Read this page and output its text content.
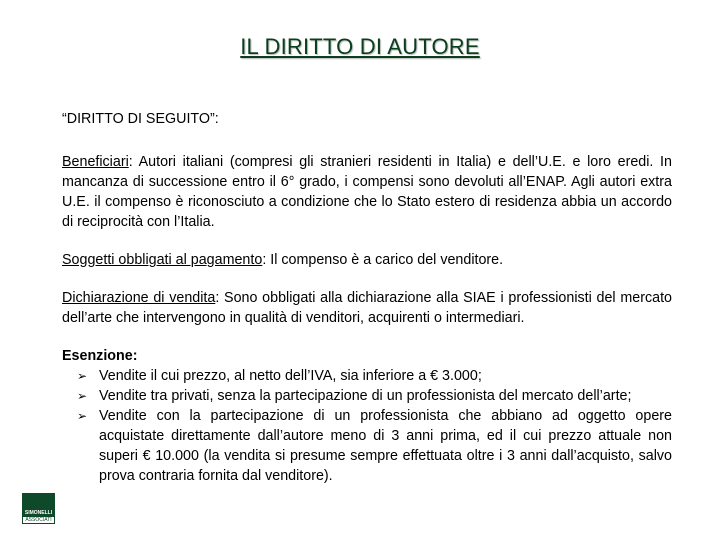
IL DIRITTO DI AUTORE
“DIRITTO DI SEGUITO”:

Beneficiari: Autori italiani (compresi gli stranieri residenti in Italia) e dell’U.E. e loro eredi. In mancanza di successione entro il 6° grado, i compensi sono devoluti all’ENAP. Agli autori extra U.E. il compenso è riconosciuto a condizione che lo Stato estero di residenza abbia un accordo di reciprocità con l’Italia.

Soggetti obbligati al pagamento: Il compenso è a carico del venditore.

Dichiarazione di vendita: Sono obbligati alla dichiarazione alla SIAE i professionisti del mercato dell’arte che intervengono in qualità di venditori, acquirenti o intermediari.

Esenzione:
➢ Vendite il cui prezzo, al netto dell’IVA, sia inferiore a € 3.000;
➢ Vendite tra privati, senza la partecipazione di un professionista del mercato dell’arte;
➢ Vendite con la partecipazione di un professionista che abbiano ad oggetto opere acquistate direttamente dall’autore meno di 3 anni prima, ed il cui prezzo attuale non superi € 10.000 (la vendita si presume sempre effettuata oltre i 3 anni dall’acquisto, salvo prova contraria fornita dal venditore).
SIMONELLI
ASSOCIATI
